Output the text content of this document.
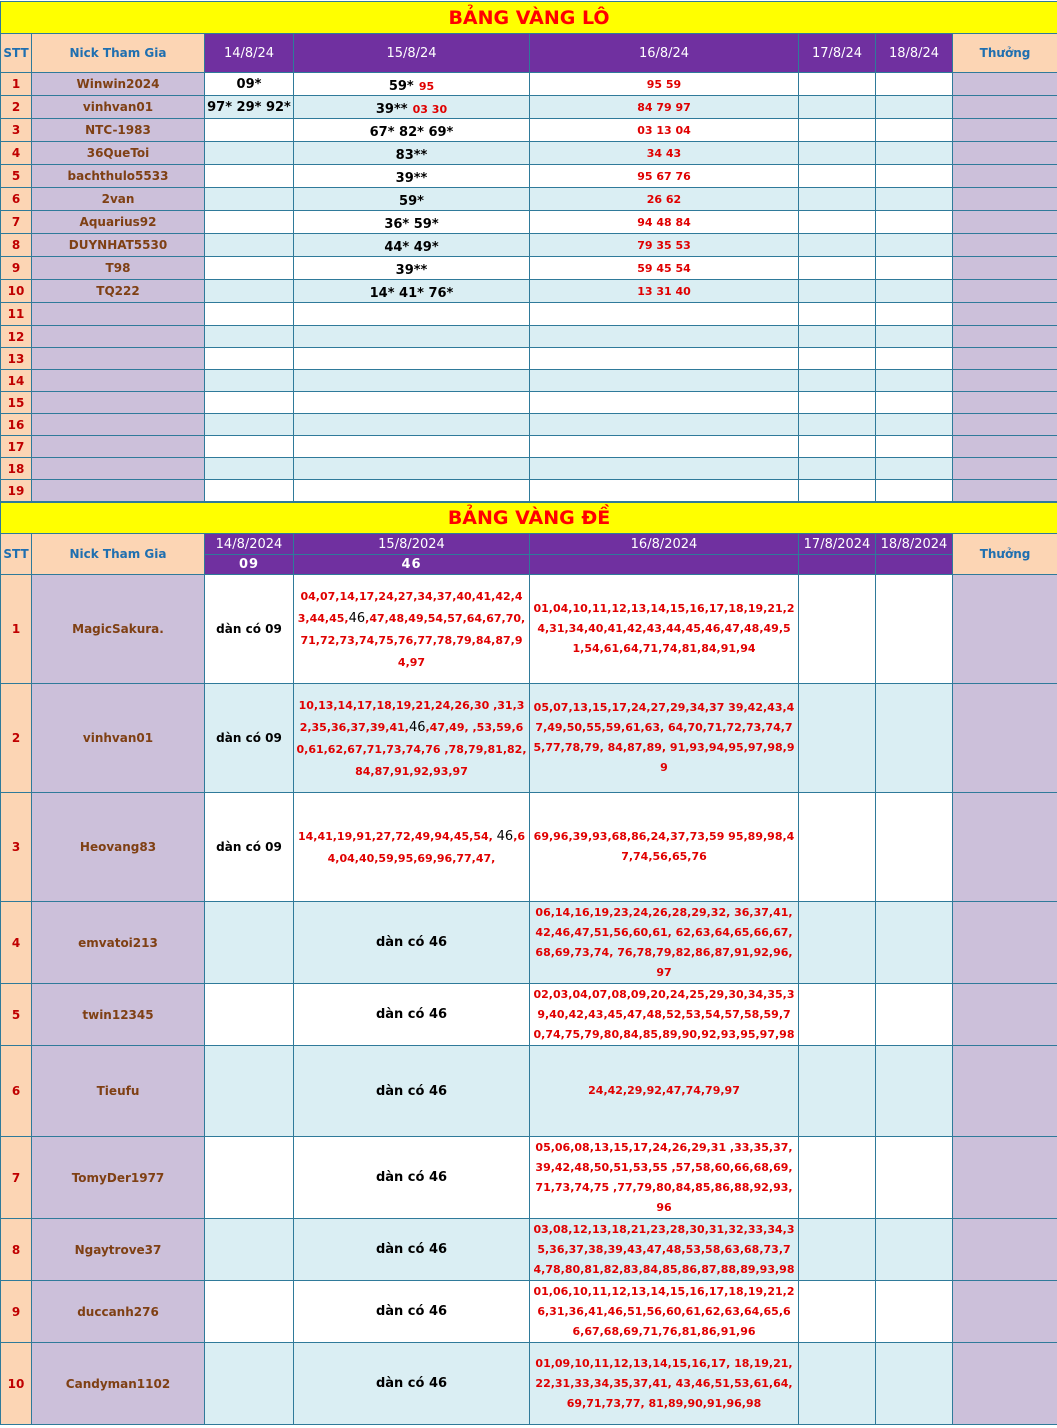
BẢNG VÀNG LÔ							
STT	Nick Tham Gia	14/8/24	15/8/24	16/8/24	17/8/24	18/8/24	Thưởng
1	Winwin2024	09*	59* 95	95 59			
2	vinhvan01	97* 29* 92*	39** 03 30	84 79 97			
3	NTC-1983		67* 82* 69*	03 13 04			
4	36QueToi		83**	34 43			
5	bachthulo5533		39**	95 67 76			
6	2van		59*	26 62			
7	Aquarius92		36* 59*	94 48 84			
8	DUYNHAT5530		44* 49*	79 35 53			
9	T98		39**	59 45 54			
10	TQ222		14* 41* 76*	13 31 40			
11							
12							
13							
14							
15							
16							
17							
18							
19							
BẢNG VÀNG ĐỀ							
STT	Nick Tham Gia	14/8/2024	15/8/2024	16/8/2024	17/8/2024	18/8/2024	Thưởng
		09	46				
1	MagicSakura.	dàn có 09	04,07,14,17,24,27,34,37,40,41,42,43,44,45,46,47,48,49,54,57,64,67,70,71,72,73,74,75,76,77,78,79,84,87,94,97	01,04,10,11,12,13,14,15,16,17,18,19,21,24,31,34,40,41,42,43,44,45,46,47,48,49,51,54,61,64,71,74,81,84,91,94			
2	vinhvan01	dàn có 09	10,13,14,17,18,19,21,24,26,30 ,31,32,35,36,37,39,41,46,47,49, ,53,59,60,61,62,67,71,73,74,76 ,78,79,81,82,84,87,91,92,93,97	05,07,13,15,17,24,27,29,34,37 39,42,43,47,49,50,55,59,61,63, 64,70,71,72,73,74,75,77,78,79, 84,87,89, 91,93,94,95,97,98,99			
3	Heovang83	dàn có 09	14,41,19,91,27,72,49,94,45,54, 46,64,04,40,59,95,69,96,77,47,	69,96,39,93,68,86,24,37,73,59 95,89,98,47,74,56,65,76			
4	emvatoi213		dàn có 46	06,14,16,19,23,24,26,28,29,32, 36,37,41,42,46,47,51,56,60,61, 62,63,64,65,66,67,68,69,73,74, 76,78,79,82,86,87,91,92,96,97			
5	twin12345		dàn có 46	02,03,04,07,08,09,20,24,25,29,30,34,35,39,40,42,43,45,47,48,52,53,54,57,58,59,70,74,75,79,80,84,85,89,90,92,93,95,97,98			
6	Tieufu		dàn có 46	24,42,29,92,47,74,79,97			
7	TomyDer1977		dàn có 46	05,06,08,13,15,17,24,26,29,31 ,33,35,37,39,42,48,50,51,53,55 ,57,58,60,66,68,69,71,73,74,75 ,77,79,80,84,85,86,88,92,93,96			
8	Ngaytrove37		dàn có 46	03,08,12,13,18,21,23,28,30,31,32,33,34,35,36,37,38,39,43,47,48,53,58,63,68,73,74,78,80,81,82,83,84,85,86,87,88,89,93,98			
9	duccanh276		dàn có 46	01,06,10,11,12,13,14,15,16,17,18,19,21,26,31,36,41,46,51,56,60,61,62,63,64,65,66,67,68,69,71,76,81,86,91,96			
10	Candyman1102		dàn có 46	01,09,10,11,12,13,14,15,16,17, 18,19,21,22,31,33,34,35,37,41, 43,46,51,53,61,64,69,71,73,77, 81,89,90,91,96,98			
